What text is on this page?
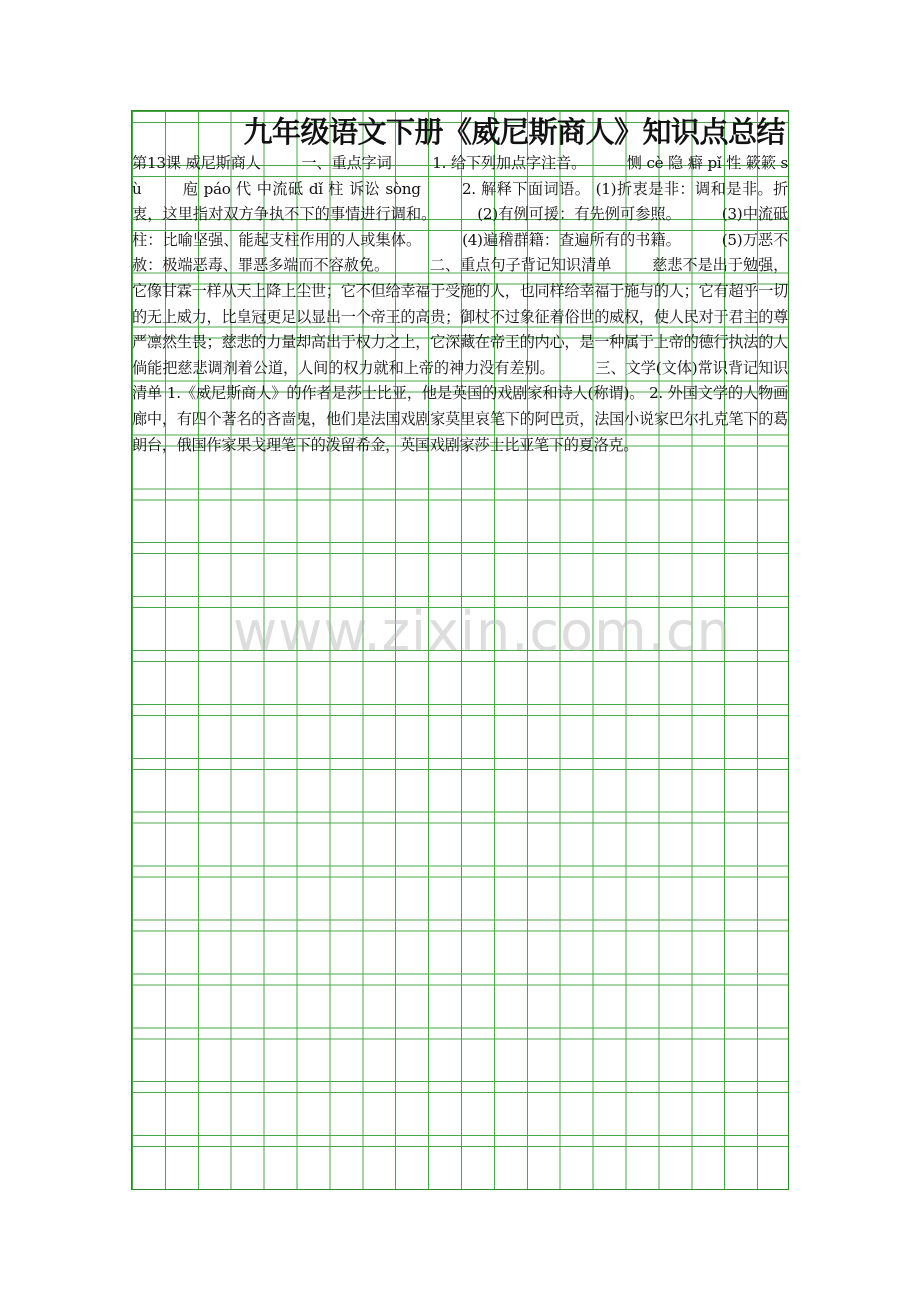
九年级语文下册《威尼斯商人》知识点总结
第13课 威尼斯商人	一、重点字词	1. 给下列加点字注音。	恻 cè 隐 癖 pǐ 性 簌簌 sù	庖 páo 代 中流砥 dǐ 柱 诉讼 sòng	2. 解释下面词语。 (1)折衷是非：调和是非。折衷，这里指对双方争执不下的事情进行调和。	(2)有例可援：有先例可参照。	(3)中流砥柱：比喻坚强、能起支柱作用的人或集体。	(4)遍稽群籍：查遍所有的书籍。	(5)万恶不赦：极端恶毒、罪恶多端而不容赦免。	二、重点句子背记知识清单	慈悲不是出于勉强，它像甘霖一样从天上降上尘世；它不但给幸福于受施的人，也同样给幸福于施与的人；它有超乎一切的无上威力，比皇冠更足以显出一个帝王的高贵；御杖不过象征着俗世的威权，使人民对于君主的尊严凛然生畏；慈悲的力量却高出于权力之上，它深藏在帝王的内心，是一种属于上帝的德行执法的人倘能把慈悲调剂着公道，人间的权力就和上帝的神力没有差别。	三、文学(文体)常识背记知识清单 1.《威尼斯商人》的作者是莎士比亚，他是英国的戏剧家和诗人(称谓)。 2. 外国文学的人物画廊中，有四个著名的吝啬鬼，他们是法国戏剧家莫里哀笔下的阿巴贡，法国小说家巴尔扎克笔下的葛朗台，俄国作家果戈理笔下的泼留希金，英国戏剧家莎士比亚笔下的夏洛克。
www.zixin.com.cn
